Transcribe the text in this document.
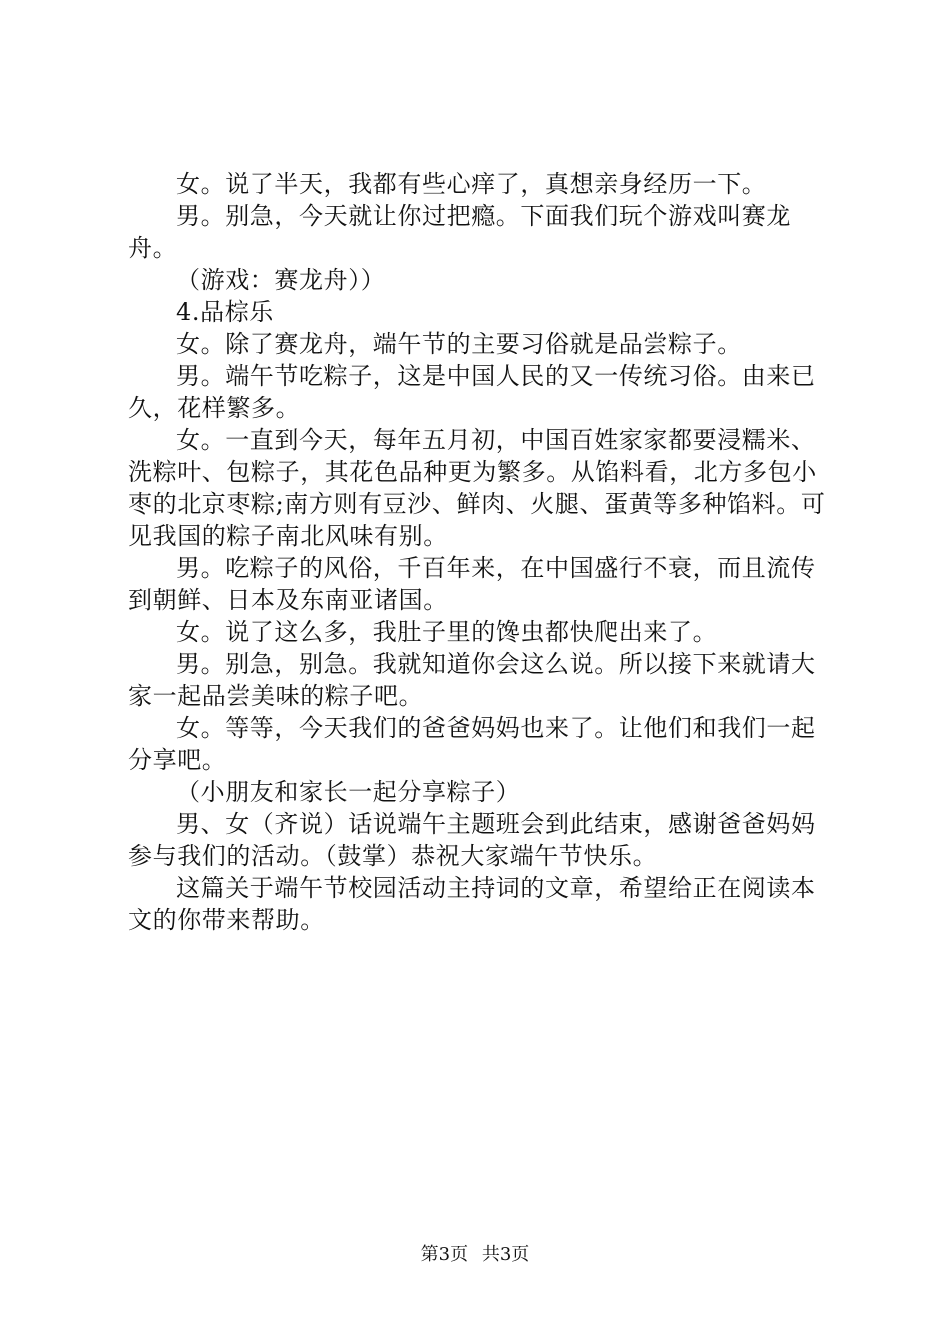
女。说了半天，我都有些心痒了，真想亲身经历一下。

男。别急，今天就让你过把瘾。下面我们玩个游戏叫赛龙舟。

（游戏：赛龙舟））

4.品棕乐

女。除了赛龙舟，端午节的主要习俗就是品尝粽子。

男。端午节吃粽子，这是中国人民的又一传统习俗。由来已久，花样繁多。

女。一直到今天，每年五月初，中国百姓家家都要浸糯米、洗粽叶、包粽子，其花色品种更为繁多。从馅料看，北方多包小枣的北京枣粽;南方则有豆沙、鲜肉、火腿、蛋黄等多种馅料。可见我国的粽子南北风味有别。

男。吃粽子的风俗，千百年来，在中国盛行不衰，而且流传到朝鲜、日本及东南亚诸国。

女。说了这么多，我肚子里的馋虫都快爬出来了。

男。别急，别急。我就知道你会这么说。所以接下来就请大家一起品尝美味的粽子吧。

女。等等，今天我们的爸爸妈妈也来了。让他们和我们一起分享吧。

（小朋友和家长一起分享粽子）

男、女（齐说）话说端午主题班会到此结束，感谢爸爸妈妈参与我们的活动。（鼓掌）恭祝大家端午节快乐。

这篇关于端午节校园活动主持词的文章，希望给正在阅读本文的你带来帮助。

第3页 共3页
